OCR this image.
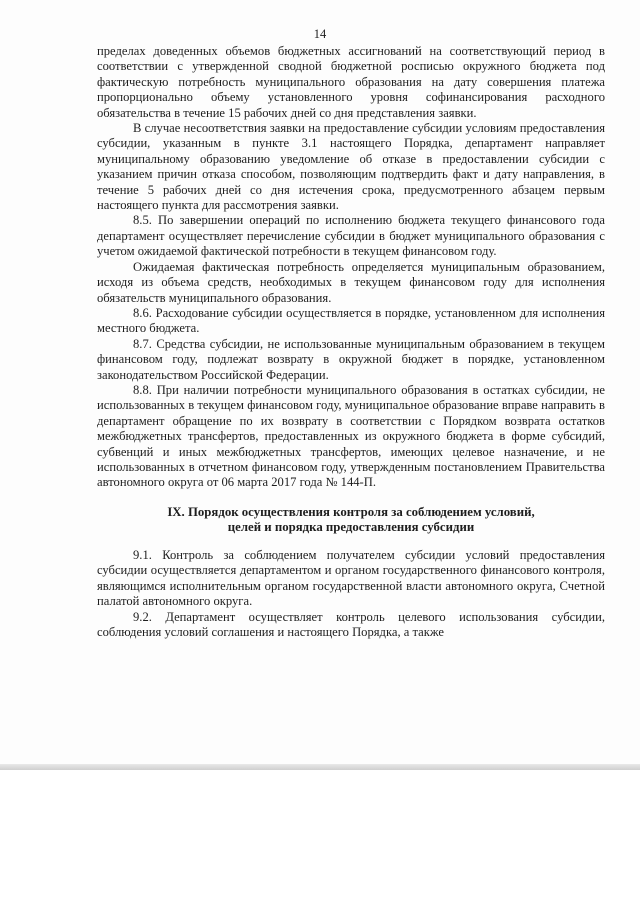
14

пределах доведенных объемов бюджетных ассигнований на соответствующий период в соответствии с утвержденной сводной бюджетной росписью окружного бюджета под фактическую потребность муниципального образования на дату совершения платежа пропорционально объему установленного уровня софинансирования расходного обязательства в течение 15 рабочих дней со дня представления заявки.

В случае несоответствия заявки на предоставление субсидии условиям предоставления субсидии, указанным в пункте 3.1 настоящего Порядка, департамент направляет муниципальному образованию уведомление об отказе в предоставлении субсидии с указанием причин отказа способом, позволяющим подтвердить факт и дату направления, в течение 5 рабочих дней со дня истечения срока, предусмотренного абзацем первым настоящего пункта для рассмотрения заявки.

8.5. По завершении операций по исполнению бюджета текущего финансового года департамент осуществляет перечисление субсидии в бюджет муниципального образования с учетом ожидаемой фактической потребности в текущем финансовом году.

Ожидаемая фактическая потребность определяется муниципальным образованием, исходя из объема средств, необходимых в текущем финансовом году для исполнения обязательств муниципального образования.

8.6. Расходование субсидии осуществляется в порядке, установленном для исполнения местного бюджета.

8.7. Средства субсидии, не использованные муниципальным образованием в текущем финансовом году, подлежат возврату в окружной бюджет в порядке, установленном законодательством Российской Федерации.

8.8. При наличии потребности муниципального образования в остатках субсидии, не использованных в текущем финансовом году, муниципальное образование вправе направить в департамент обращение по их возврату в соответствии с Порядком возврата остатков межбюджетных трансфертов, предоставленных из окружного бюджета в форме субсидий, субвенций и иных межбюджетных трансфертов, имеющих целевое назначение, и не использованных в отчетном финансовом году, утвержденным постановлением Правительства автономного округа от 06 марта 2017 года № 144-П.

IX. Порядок осуществления контроля за соблюдением условий,
целей и порядка предоставления субсидии

9.1. Контроль за соблюдением получателем субсидии условий предоставления субсидии осуществляется департаментом и органом государственного финансового контроля, являющимся исполнительным органом государственной власти автономного округа, Счетной палатой автономного округа.

9.2. Департамент осуществляет контроль целевого использования субсидии, соблюдения условий соглашения и настоящего Порядка, а также
